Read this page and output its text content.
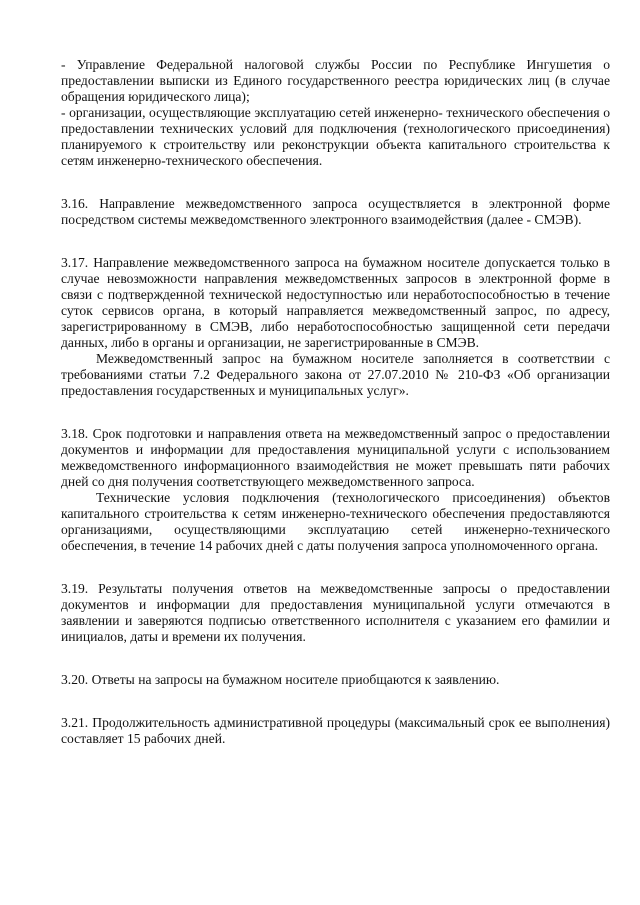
- Управление Федеральной налоговой службы России по Республике Ингушетия о предоставлении выписки из Единого государственного реестра юридических лиц (в случае обращения юридического лица);

- организации, осуществляющие эксплуатацию сетей инженерно- технического обеспечения о предоставлении технических условий для подключения (технологического присоединения) планируемого к строительству или реконструкции объекта капитального строительства к сетям инженерно-технического обеспечения.

3.16. Направление межведомственного запроса осуществляется в электронной форме посредством системы межведомственного электронного взаимодействия (далее - СМЭВ).

3.17. Направление межведомственного запроса на бумажном носителе допускается только в случае невозможности направления межведомственных запросов в электронной форме в связи с подтвержденной технической недоступностью или неработоспособностью в течение суток сервисов органа, в который направляется межведомственный запрос, по адресу, зарегистрированному в СМЭВ, либо неработоспособностью защищенной сети передачи данных, либо в органы и организации, не зарегистрированные в СМЭВ.

Межведомственный запрос на бумажном носителе заполняется в соответствии с требованиями статьи 7.2 Федерального закона от 27.07.2010 № 210-ФЗ «Об организации предоставления государственных и муниципальных услуг».

3.18. Срок подготовки и направления ответа на межведомственный запрос о предоставлении документов и информации для предоставления муниципальной услуги с использованием межведомственного информационного взаимодействия не может превышать пяти рабочих дней со дня получения соответствующего межведомственного запроса.

Технические условия подключения (технологического присоединения) объектов капитального строительства к сетям инженерно-технического обеспечения предоставляются организациями, осуществляющими эксплуатацию сетей инженерно-технического обеспечения, в течение 14 рабочих дней с даты получения запроса уполномоченного органа.

3.19. Результаты получения ответов на межведомственные запросы о предоставлении документов и информации для предоставления муниципальной услуги отмечаются в заявлении и заверяются подписью ответственного исполнителя с указанием его фамилии и инициалов, даты и времени их получения.

3.20. Ответы на запросы на бумажном носителе приобщаются к заявлению.

3.21. Продолжительность административной процедуры (максимальный срок ее выполнения) составляет 15 рабочих дней.
